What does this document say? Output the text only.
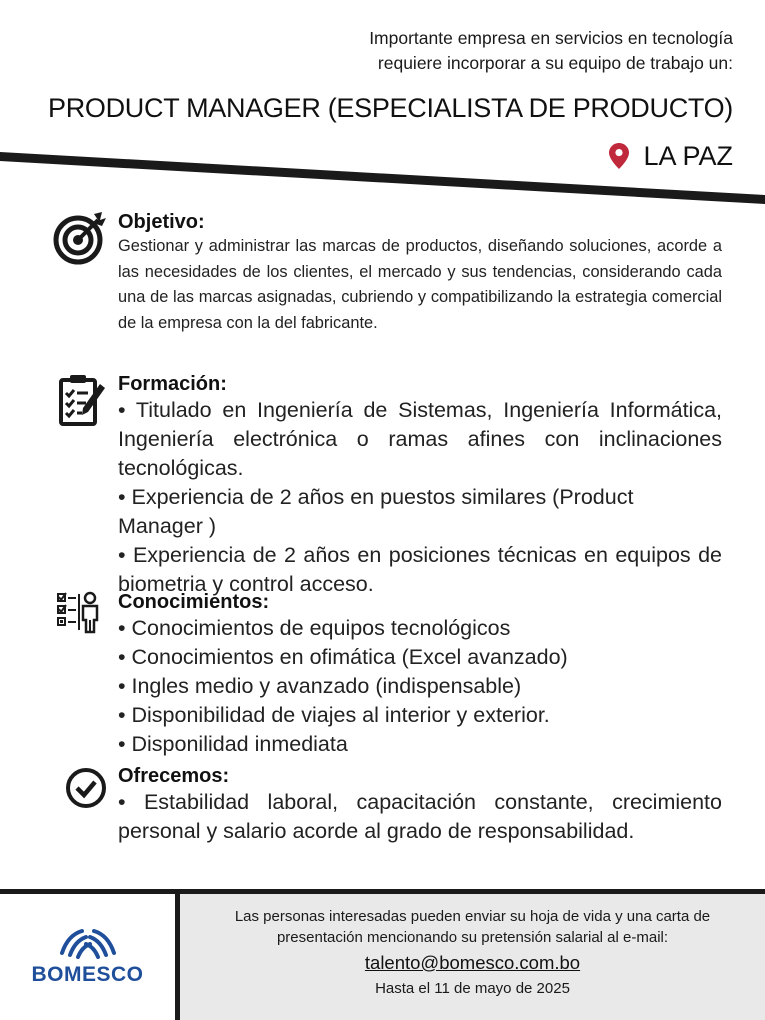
Importante empresa en servicios en tecnología
requiere incorporar a su equipo de trabajo un:
PRODUCT MANAGER (ESPECIALISTA DE PRODUCTO)
LA PAZ
Objetivo:
Gestionar y administrar las marcas de productos, diseñando soluciones, acorde a las necesidades de los clientes, el mercado y sus tendencias, considerando cada una de las marcas asignadas, cubriendo y compatibilizando la estrategia comercial de la empresa con la del fabricante.
Formación:
• Titulado en Ingeniería de Sistemas, Ingeniería Informática, Ingeniería electrónica o ramas afines con inclinaciones tecnológicas.
• Experiencia de 2 años en puestos similares (Product Manager )
• Experiencia de 2 años en posiciones técnicas en equipos de biometria y control acceso.
Conocimientos:
• Conocimientos de equipos tecnológicos
• Conocimientos en ofimática (Excel avanzado)
• Ingles medio y avanzado (indispensable)
• Disponibilidad de viajes al interior y exterior.
• Disponilidad inmediata
Ofrecemos:
• Estabilidad laboral, capacitación constante, crecimiento personal y salario acorde al grado de responsabilidad.
BOMESCO
Las personas interesadas pueden enviar su hoja de vida y una carta de presentación mencionando su pretensión salarial al e-mail:
talento@bomesco.com.bo
Hasta el 11 de mayo de 2025
